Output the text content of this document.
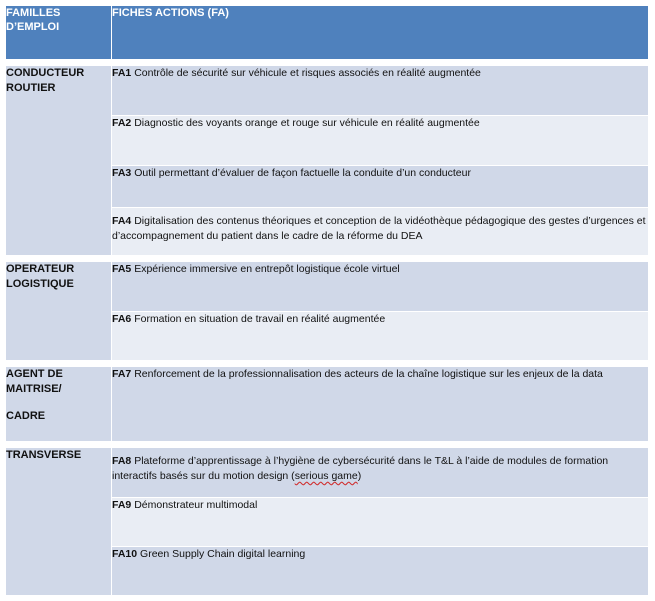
FAMILLES D’EMPLOI	FICHES ACTIONS (FA)

CONDUCTEUR ROUTIER	FA1 Contrôle de sécurité sur véhicule et risques associés en réalité augmentée
	FA2 Diagnostic des voyants orange et rouge sur véhicule en réalité augmentée
	FA3 Outil permettant d’évaluer de façon factuelle la conduite d’un conducteur
	FA4 Digitalisation des contenus théoriques et conception de la vidéothèque pédagogique des gestes d’urgences et d’accompagnement du patient dans le cadre de la réforme du DEA

OPERATEUR LOGISTIQUE	FA5 Expérience immersive en entrepôt logistique école virtuel
	FA6 Formation en situation de travail en réalité augmentée

AGENT DE MAITRISE/
CADRE	FA7 Renforcement de la professionnalisation des acteurs de la chaîne logistique sur les enjeux de la data

TRANSVERSE	FA8 Plateforme d’apprentissage à l’hygiène de cybersécurité dans le T&L à l’aide de modules de formation interactifs basés sur du motion design (serious game)
	FA9 Démonstrateur multimodal
	FA10 Green Supply Chain digital learning
